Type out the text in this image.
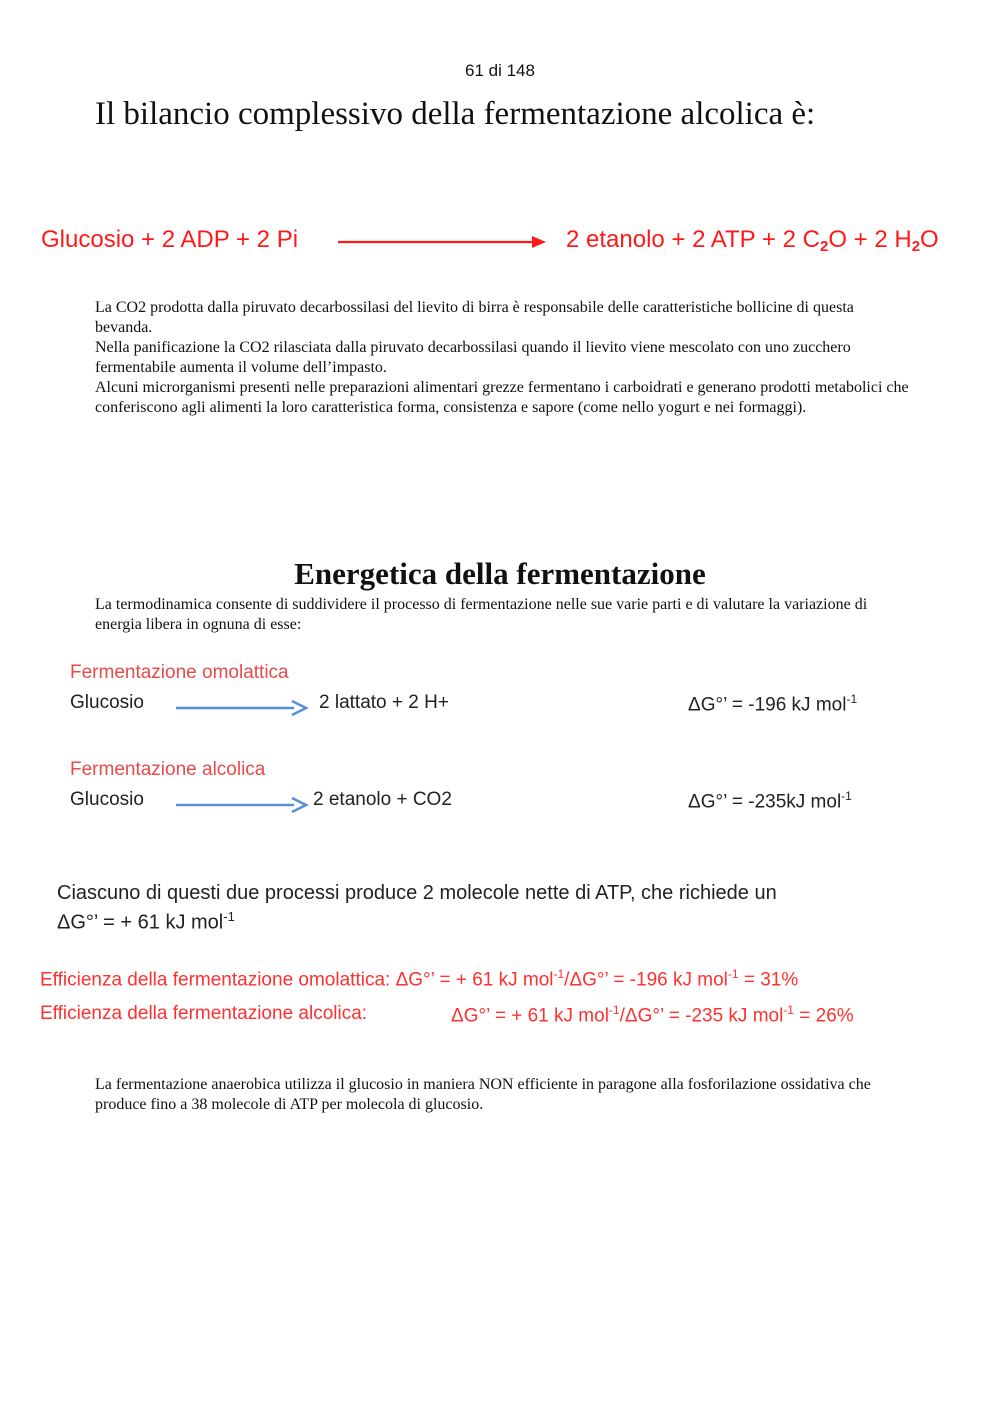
61 di 148
Il bilancio complessivo della fermentazione alcolica è:
Glucosio + 2 ADP + 2 Pi	2 etanolo + 2 ATP + 2 $C_2O + 2$ $H_2O$

La CO2 prodotta dalla piruvato decarbossilasi del lievito di birra è responsabile delle caratteristiche bollicine di questa bevanda.

Nella panificazione la CO2 rilasciata dalla piruvato decarbossilasi quando il lievito viene mescolato con uno zucchero fermentabile aumenta il volume dell’impasto.

Alcuni microrganismi presenti nelle preparazioni alimentari grezze fermentano i carboidrati e generano prodotti metabolici che conferiscono agli alimenti la loro caratteristica forma, consistenza e sapore (come nello yogurt e nei formaggi).

Energetica della fermentazione
La termodinamica consente di suddividere il processo di fermentazione nelle sue varie parti e di valutare la variazione di energia libera in ognuna di esse:
Fermentazione omolattica
Glucosio	2 lattato + 2 H+	ΔG°’ = -196 kJ mol$^{-1}$
Fermentazione alcolica
Glucosio	2 etanolo + CO2	ΔG°’ = -235kJ mol$^{-1}$
Ciascuno di questi due processi produce 2 molecole nette di ATP, che richiede un
ΔG°’ = + 61 kJ mol$^{-1}$
Efficienza della fermentazione omolattica: ΔG°’ = + 61 kJ mol$^{-1}$/ΔG°’ = -196 kJ mol$^{-1}$ = 31%
Efficienza della fermentazione alcolica:	ΔG°’ = + 61 kJ mol$^{-1}$/ΔG°’ = -235 kJ mol$^{-1}$ = 26%
La fermentazione anaerobica utilizza il glucosio in maniera NON efficiente in paragone alla fosforilazione ossidativa che produce fino a 38 molecole di ATP per molecola di glucosio.
